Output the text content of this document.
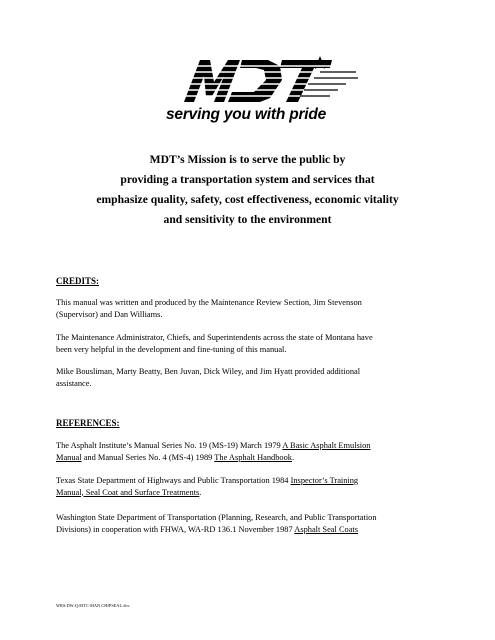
serving you with pride
MDT’s Mission is to serve the public by
providing a transportation system and services that
emphasize quality, safety, cost effectiveness, economic vitality
and sensitivity to the environment
CREDITS:
This manual was written and produced by the Maintenance Review Section, Jim Stevenson
(Supervisor) and Dan Williams.
The Maintenance Administrator, Chiefs, and Superintendents across the state of Montana have
been very helpful in the development and fine-tuning of this manual.
Mike Bousliman, Marty Beatty, Ben Juvan, Dick Wiley, and Jim Hyatt provided additional
assistance.
REFERENCES:
The Asphalt Institute’s Manual Series No. 19 (MS-19) March 1979 A Basic Asphalt Emulsion
Manual and Manual Series No. 4 (MS-4) 1989 The Asphalt Handbook.
Texas State Department of Highways and Public Transportation 1984 Inspector’s Training
Manual, Seal Coat and Surface Treatments.
Washington State Department of Transportation (Planning, Research, and Public Transportation
Divisions) in cooperation with FHWA, WA-RD 136.1 November 1987 Asphalt Seal Coats
WRS:DW:Q:MTC-MAN CHIPSEAL.doc
